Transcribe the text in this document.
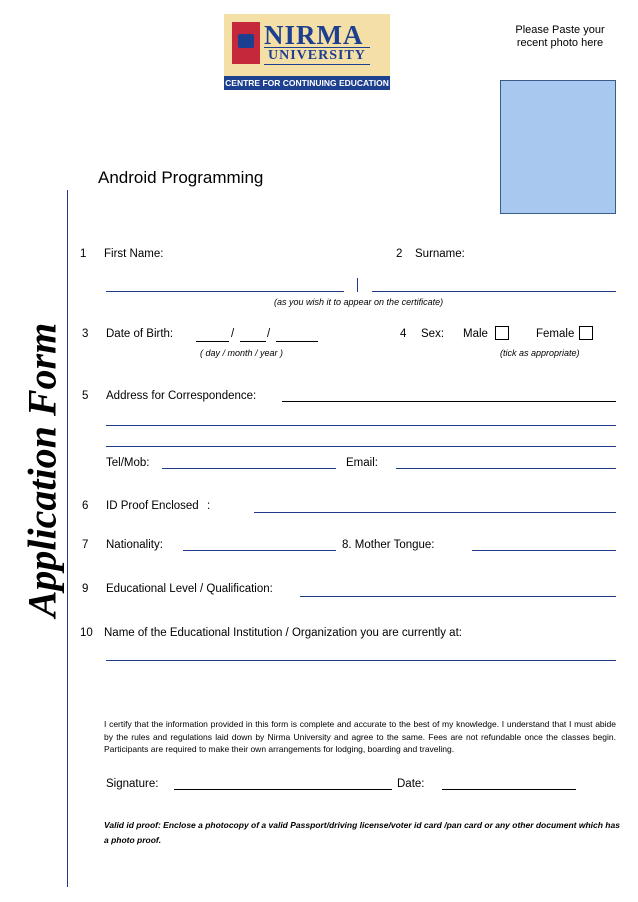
NIRMA
UNIVERSITY
CENTRE FOR CONTINUING EDUCATION
Please Paste your recent photo here
Application Form
Android Programming
1 First Name:	2 Surname:
(as you wish it to appear on the certificate)
3 Date of Birth:	/	/
( day / month / year )
4 Sex: Male	Female
(tick as appropriate)
5 Address for Correspondence:
Tel/Mob:	Email:
6 ID Proof Enclosed :
7 Nationality:	8. Mother Tongue:
9 Educational Level / Qualification:
10 Name of the Educational Institution / Organization you are currently at:
I certify that the information provided in this form is complete and accurate to the best of my knowledge. I understand that I must abide by the rules and regulations laid down by Nirma University and agree to the same. Fees are not refundable once the classes begin. Participants are required to make their own arrangements for lodging, boarding and traveling.
Signature:	Date:
Valid id proof: Enclose a photocopy of a valid Passport/driving license/voter id card /pan card or any other document which has a photo proof.
